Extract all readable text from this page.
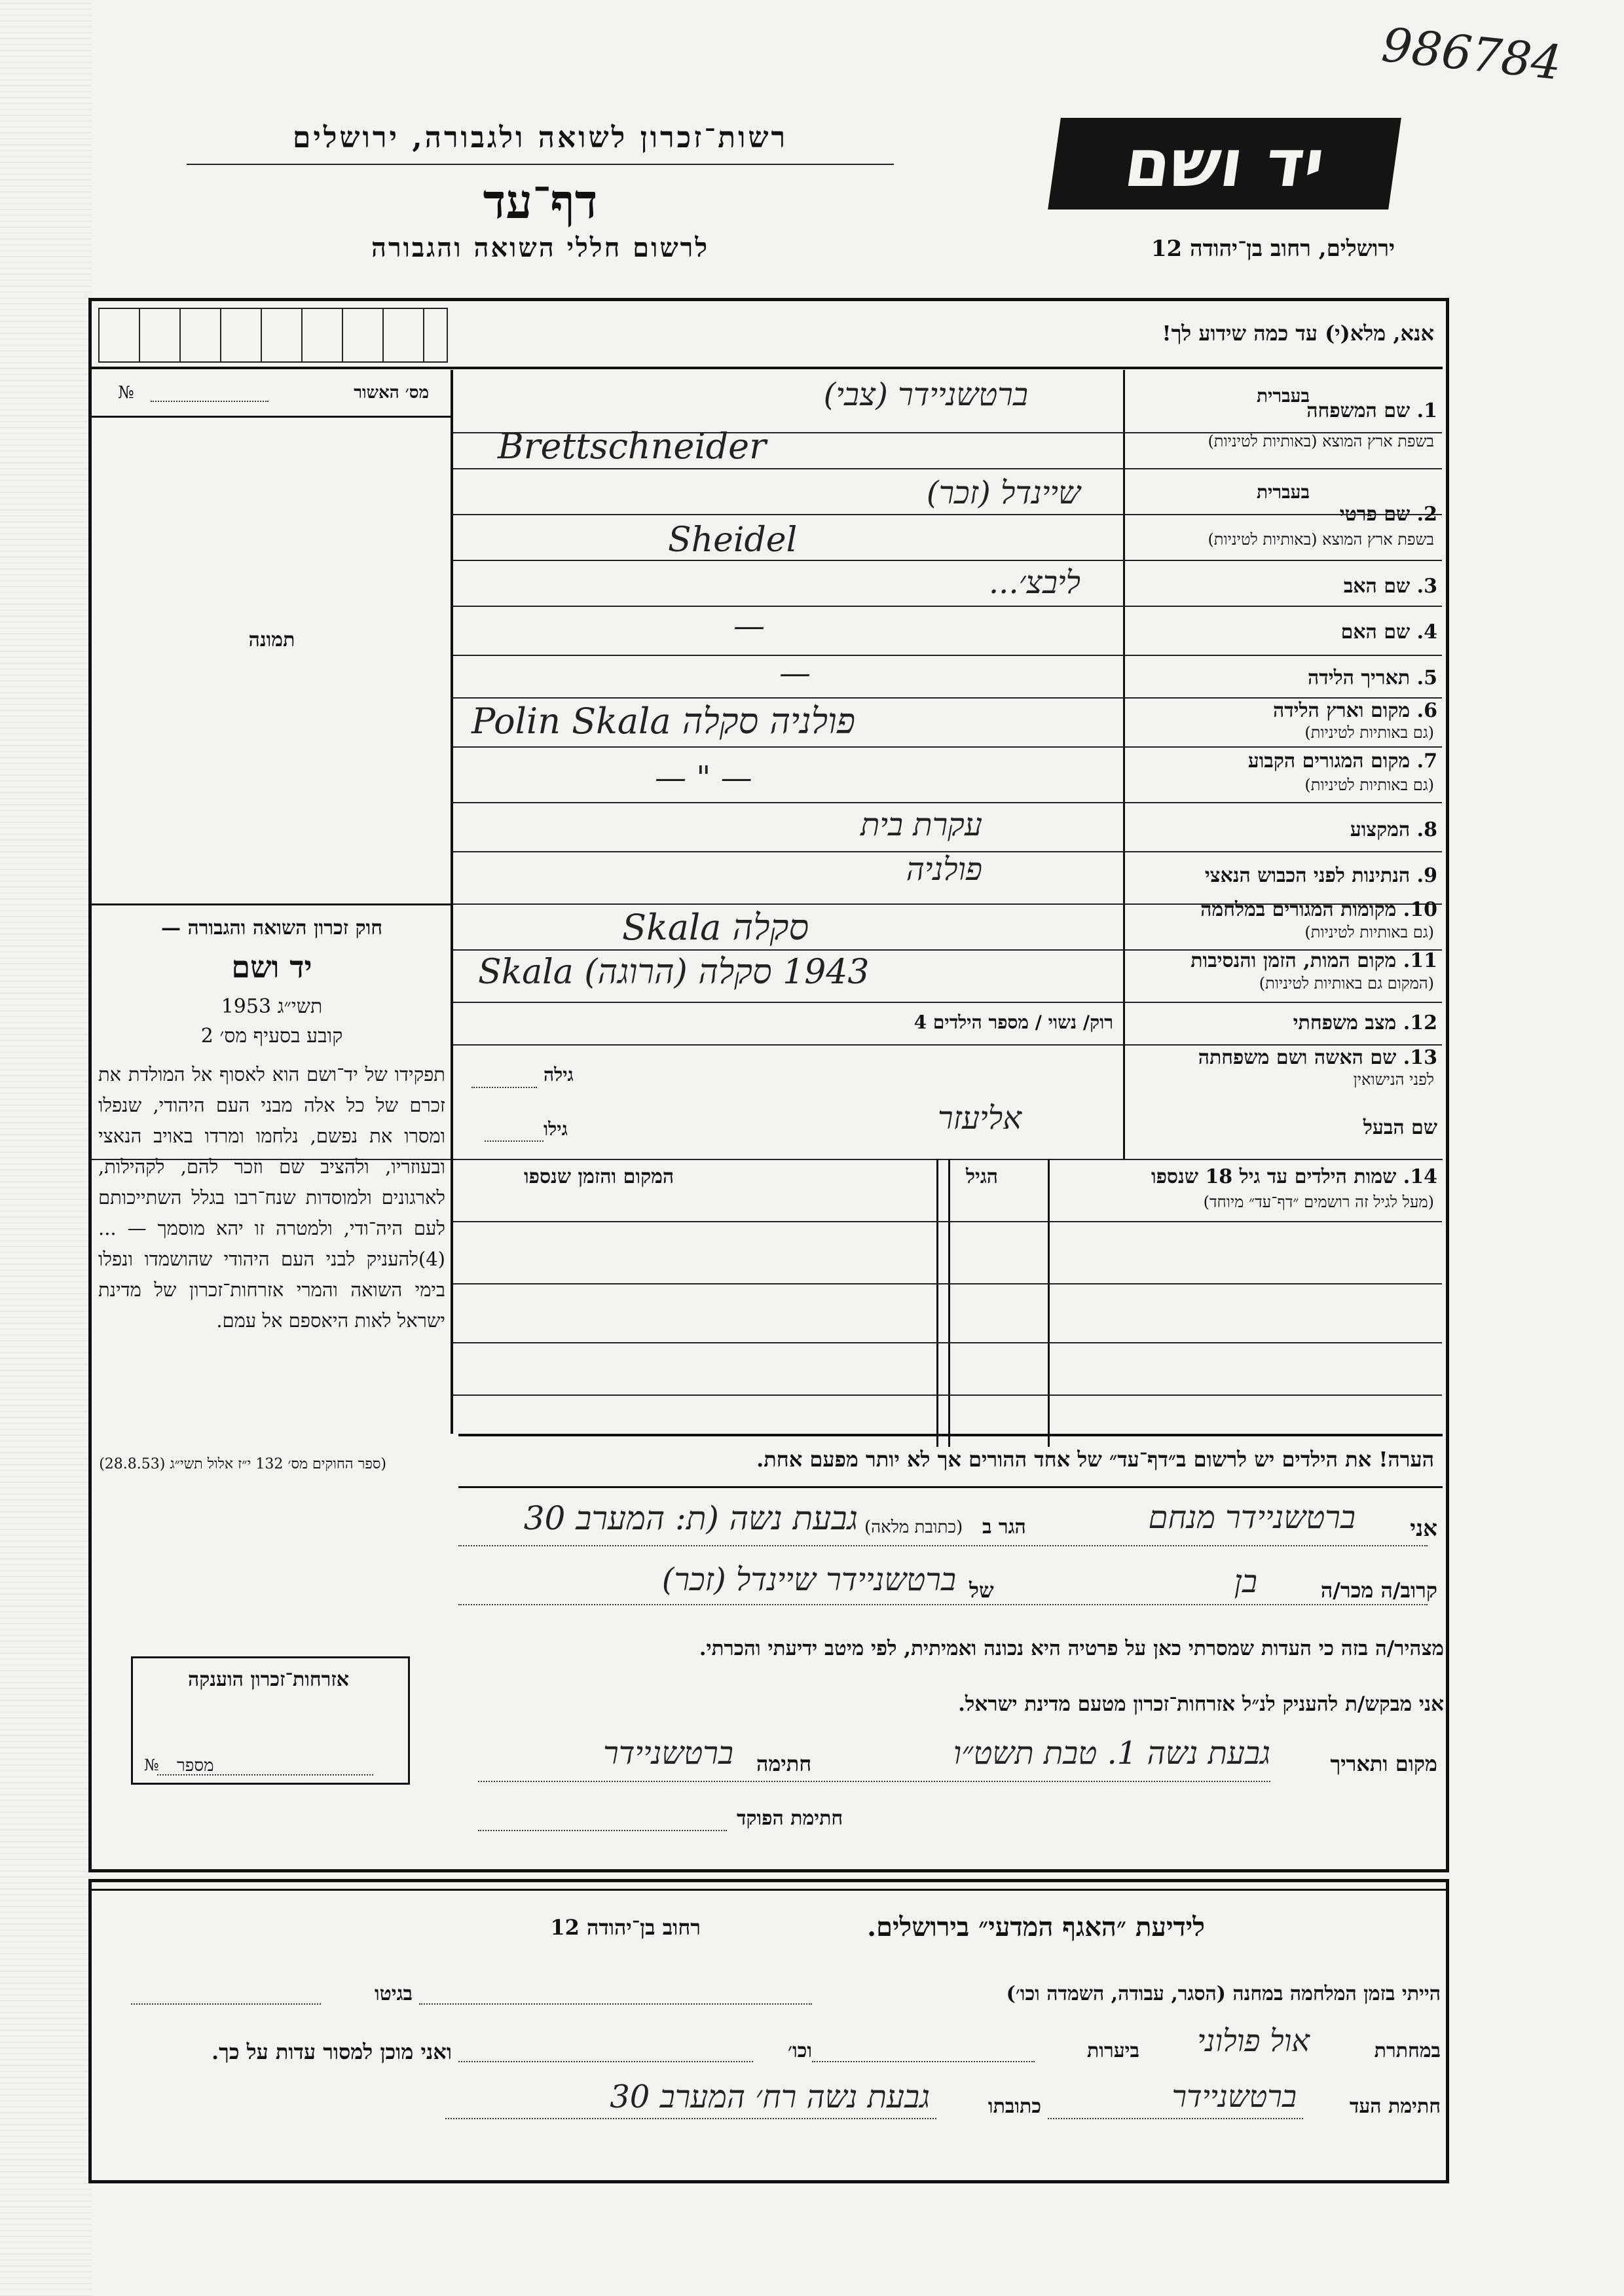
986784
רשות־זכרון לשואה ולגבורה, ירושלים
דף־עד
לרשום חללי השואה והגבורה
יד ושם
ירושלים, רחוב בן־יהודה 12
אנא, מלא(י) עד כמה שידוע לך!
מס׳ האשור
№
תמונה
חוק זכרון השואה והגבורה —
יד ושם
תשי״ג 1953
קובע בסעיף מס׳ 2
תפקידו של יד־ושם הוא לאסוף אל המולדת את זכרם של כל אלה מבני העם היהודי, שנפלו ומסרו את נפשם, נלחמו ומרדו באויב הנאצי ובעוזריו, ולהציב שם וזכר להם, לקהילות, לארגונים ולמוסדות שנח־רבו בגלל השתייכותם לעם היה־ודי, ולמטרה זו יהא מוסמך — ...(4)להעניק לבני העם היהודי שהושמדו ונפלו בימי השואה והמרי אזרחות־זכרון של מדינת ישראל לאות היאספם אל עמם.
(ספר החוקים מס׳ 132 י״ז אלול תשי״ג (28.8.53)
1. שם המשפחה
בעברית
בשפת ארץ המוצא (באותיות לטיניות)
ברטשניידר (צבי)
Brettschneider
2. שם פרטי
בעברית
בשפת ארץ המוצא (באותיות לטיניות)
שיינדל (זכר)
Sheidel
3. שם האב
ליבצ׳...
4. שם האם
—
5. תאריך הלידה
—
6. מקום וארץ הלידה
(גם באותיות לטיניות)
Polin Skala פולניה סקלה
7. מקום המגורים הקבוע
(גם באותיות לטיניות)
— " —
8. המקצוע
עקרת בית
9. הנתינות לפני הכבוש הנאצי
פולניה
10. מקומות המגורים במלחמה
(גם באותיות לטיניות)
Skala סקלה
11. מקום המות, הזמן והנסיבות
(המקום גם באותיות לטיניות)
Skala (הרוגה) 1943 סקלה
12. מצב משפחתי
רוק/ נשוי / מספר הילדים 4
13. שם האשה ושם משפחתה
לפני הנישואין
גילה
שם הבעל
אליעזר
גילו
14. שמות הילדים עד גיל 18 שנספו
(מעל לגיל זה רושמים ״דף־עד״ מיוחד)
הגיל
המקום והזמן שנספו
הערה! את הילדים יש לרשום ב״דף־עד״ של אחד ההורים אך לא יותר מפעם אחת.
אזרחות־זכרון הוענקה
מספר
№
אני
ברטשניידר מנחם
הגר ב
(כתובת מלאה)
גבעת נשה (ת: המערב 30
קרוב/ה מכר/ה
בן
של
ברטשניידר שיינדל (זכר)
מצהיר/ה בזה כי העדות שמסרתי כאן על פרטיה היא נכונה ואמיתית, לפי מיטב ידיעתי והכרתי.
אני מבקש/ת להעניק לנ״ל אזרחות־זכרון מטעם מדינת ישראל.
מקום ותאריך
גבעת נשה 1. טבת תשט״ו
חתימה
ברטשניידר
חתימת הפוקד
לידיעת ״האגף המדעי״ בירושלים.
רחוב בן־יהודה 12
הייתי בזמן המלחמה במחנה (הסגר, עבודה, השמדה וכו׳)
בגיטו
במחתרת
אול פולוני
ביערות
וכו׳
ואני מוכן למסור עדות על כך.
חתימת העד
ברטשניידר
כתובתו
גבעת נשה רח׳ המערב 30
